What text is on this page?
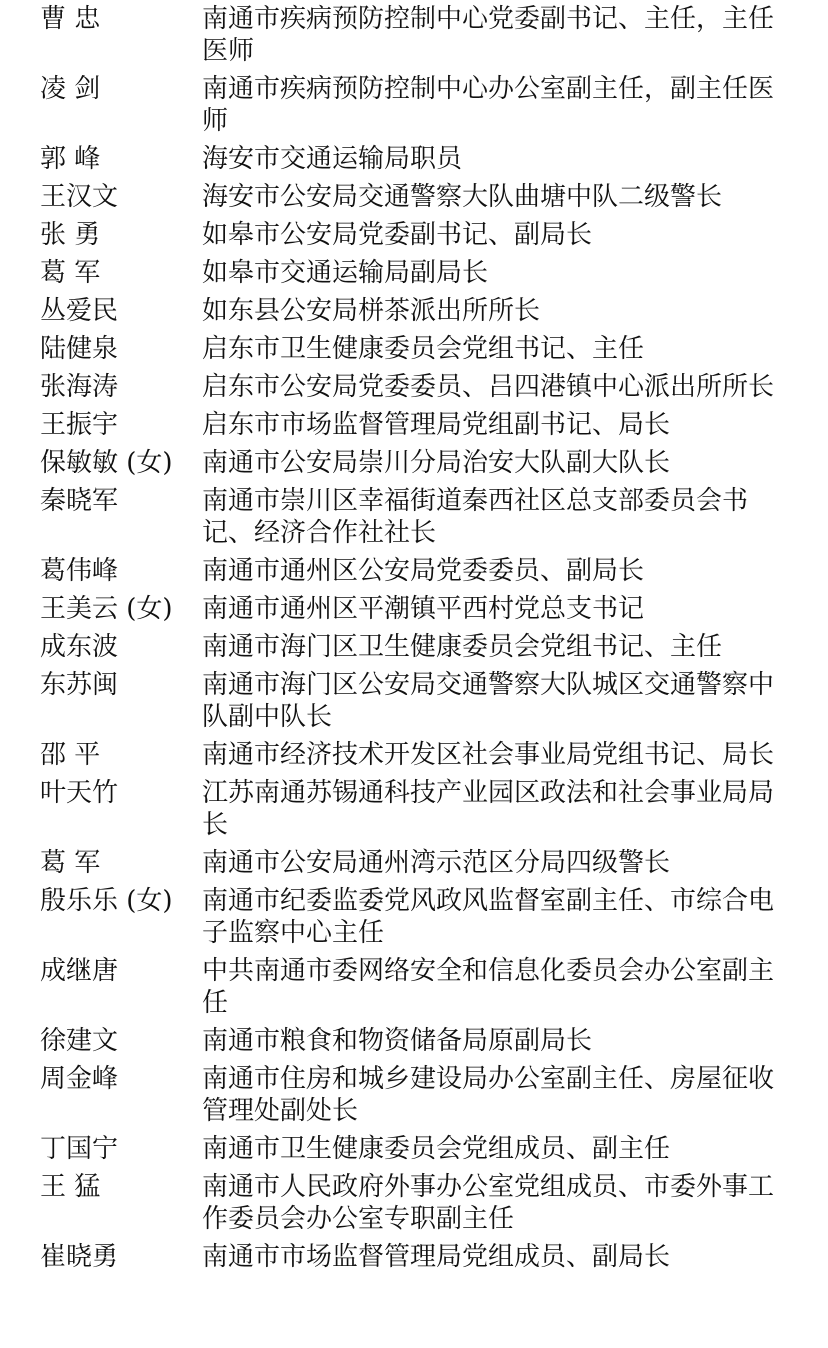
曹 忠	南通市疾病预防控制中心党委副书记、主任，主任医师
凌 剑	南通市疾病预防控制中心办公室副主任，副主任医师
郭 峰	海安市交通运输局职员
王汉文	海安市公安局交通警察大队曲塘中队二级警长
张 勇	如皋市公安局党委副书记、副局长
葛 军	如皋市交通运输局副局长
丛爱民	如东县公安局栟茶派出所所长
陆健泉	启东市卫生健康委员会党组书记、主任
张海涛	启东市公安局党委委员、吕四港镇中心派出所所长
王振宇	启东市市场监督管理局党组副书记、局长
保敏敏 (女)	南通市公安局崇川分局治安大队副大队长
秦晓军	南通市崇川区幸福街道秦西社区总支部委员会书记、经济合作社社长
葛伟峰	南通市通州区公安局党委委员、副局长
王美云 (女)	南通市通州区平潮镇平西村党总支书记
成东波	南通市海门区卫生健康委员会党组书记、主任
东苏闽	南通市海门区公安局交通警察大队城区交通警察中队副中队长
邵 平	南通市经济技术开发区社会事业局党组书记、局长
叶天竹	江苏南通苏锡通科技产业园区政法和社会事业局局长
葛 军	南通市公安局通州湾示范区分局四级警长
殷乐乐 (女)	南通市纪委监委党风政风监督室副主任、市综合电子监察中心主任
成继唐	中共南通市委网络安全和信息化委员会办公室副主任
徐建文	南通市粮食和物资储备局原副局长
周金峰	南通市住房和城乡建设局办公室副主任、房屋征收管理处副处长
丁国宁	南通市卫生健康委员会党组成员、副主任
王 猛	南通市人民政府外事办公室党组成员、市委外事工作委员会办公室专职副主任
崔晓勇	南通市市场监督管理局党组成员、副局长
